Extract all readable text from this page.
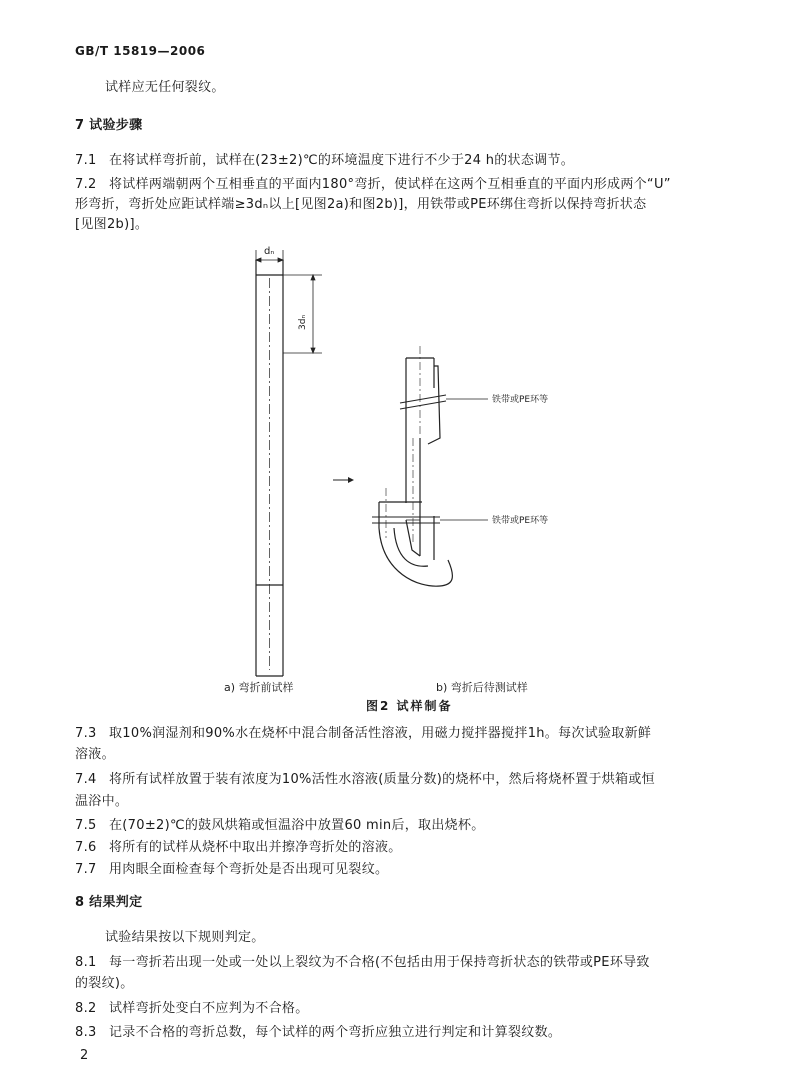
GB/T 15819—2006
试样应无任何裂纹。
7 试验步骤
7.1 在将试样弯折前，试样在(23±2)℃的环境温度下进行不少于24 h的状态调节。
7.2 将试样两端朝两个互相垂直的平面内180°弯折，使试样在这两个互相垂直的平面内形成两个“U”
形弯折，弯折处应距试样端≥3dₙ以上[见图2a)和图2b)]，用铁带或PE环绑住弯折以保持弯折状态
[见图2b)]。
dₙ
3dₙ
铁带或PE环等
铁带或PE环等
a) 弯折前试样	b) 弯折后待测试样
图2 试样制备
7.3 取10%润湿剂和90%水在烧杯中混合制备活性溶液，用磁力搅拌器搅拌1h。每次试验取新鲜
溶液。
7.4 将所有试样放置于装有浓度为10%活性水溶液(质量分数)的烧杯中，然后将烧杯置于烘箱或恒
温浴中。
7.5 在(70±2)℃的鼓风烘箱或恒温浴中放置60 min后，取出烧杯。
7.6 将所有的试样从烧杯中取出并擦净弯折处的溶液。
7.7 用肉眼全面检查每个弯折处是否出现可见裂纹。
8 结果判定
试验结果按以下规则判定。
8.1 每一弯折若出现一处或一处以上裂纹为不合格(不包括由用于保持弯折状态的铁带或PE环导致
的裂纹)。
8.2 试样弯折处变白不应判为不合格。
8.3 记录不合格的弯折总数，每个试样的两个弯折应独立进行判定和计算裂纹数。
2
